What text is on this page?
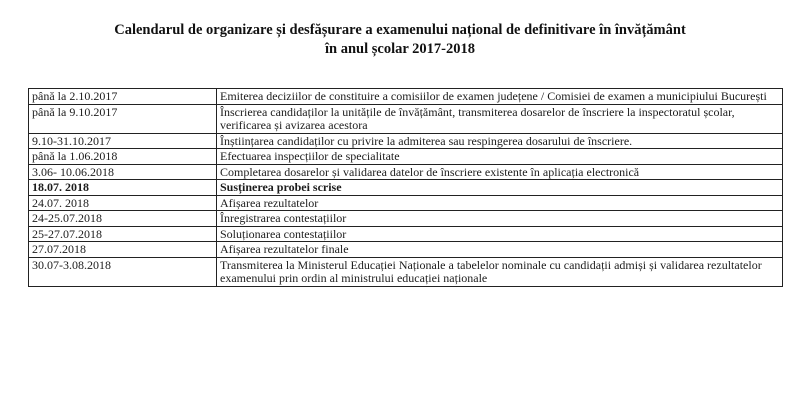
Calendarul de organizare și desfășurare a examenului național de definitivare în învățământ
în anul școlar 2017-2018
până la 2.10.2017	Emiterea deciziilor de constituire a comisiilor de examen județene / Comisiei de examen a municipiului București
până la 9.10.2017	Înscrierea candidaților la unitățile de învățământ, transmiterea dosarelor de înscriere la inspectoratul școlar, verificarea și avizarea acestora
9.10-31.10.2017	Înștiințarea candidaților cu privire la admiterea sau respingerea dosarului de înscriere.
până la 1.06.2018	Efectuarea inspecțiilor de specialitate
3.06- 10.06.2018	Completarea dosarelor și validarea datelor de înscriere existente în aplicația electronică
18.07. 2018	Susținerea probei scrise
24.07. 2018	Afișarea rezultatelor
24-25.07.2018	Înregistrarea contestațiilor
25-27.07.2018	Soluționarea contestațiilor
27.07.2018	Afișarea rezultatelor finale
30.07-3.08.2018	Transmiterea la Ministerul Educației Naționale a tabelelor nominale cu candidații admiși și validarea rezultatelor examenului prin ordin al ministrului educației naționale
